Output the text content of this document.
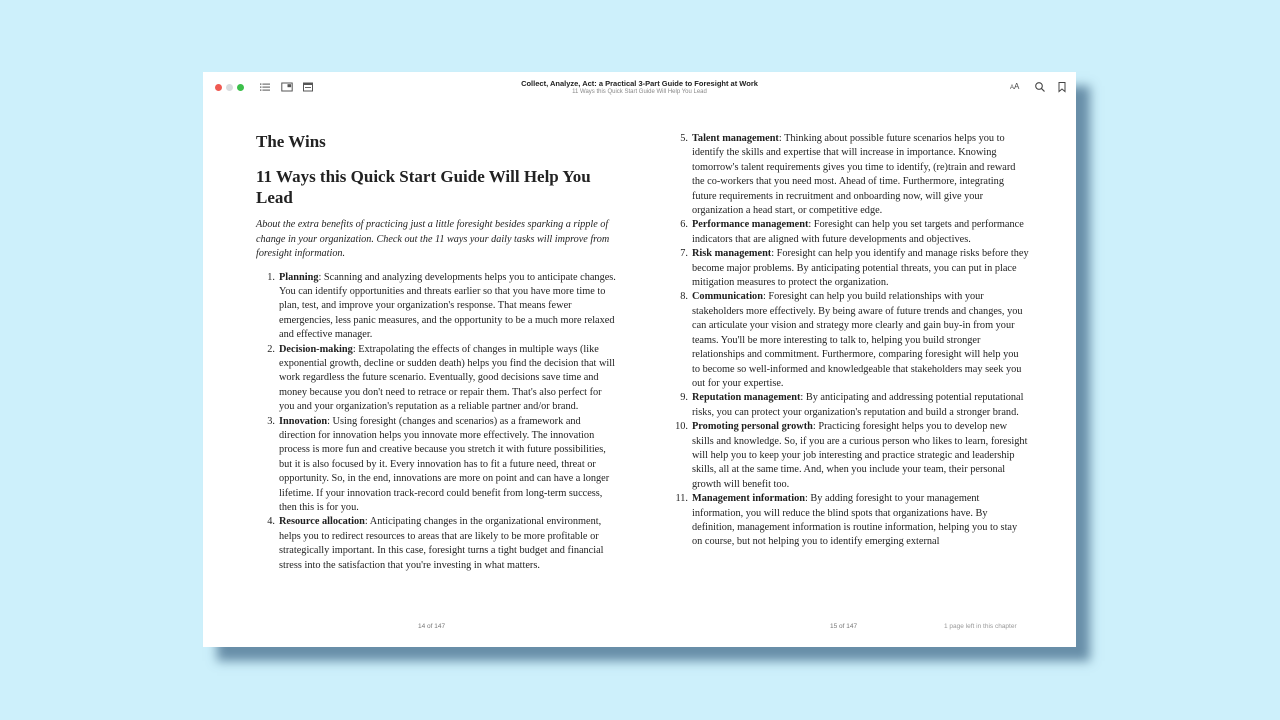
Collect, Analyze, Act: a Practical 3-Part Guide to Foresight at Work
11 Ways this Quick Start Guide Will Help You Lead
AA
The Wins
11 Ways this Quick Start Guide Will Help You Lead
About the extra benefits of practicing just a little foresight besides sparking a ripple of change in your organization. Check out the 11 ways your daily tasks will improve from foresight information.
1. Planning: Scanning and analyzing developments helps you to anticipate changes. You can identify opportunities and threats earlier so that you have more time to plan, test, and improve your organization's response. That means fewer emergencies, less panic measures, and the opportunity to be a much more relaxed and effective manager.
2. Decision-making: Extrapolating the effects of changes in multiple ways (like exponential growth, decline or sudden death) helps you find the decision that will work regardless the future scenario. Eventually, good decisions save time and money because you don't need to retrace or repair them. That's also perfect for you and your organization's reputation as a reliable partner and/or brand.
3. Innovation: Using foresight (changes and scenarios) as a framework and direction for innovation helps you innovate more effectively. The innovation process is more fun and creative because you stretch it with future possibilities, but it is also focused by it. Every innovation has to fit a future need, threat or opportunity. So, in the end, innovations are more on point and can have a longer lifetime. If your innovation track-record could benefit from long-term success, then this is for you.
4. Resource allocation: Anticipating changes in the organizational environment, helps you to redirect resources to areas that are likely to be more profitable or strategically important. In this case, foresight turns a tight budget and financial stress into the satisfaction that you're investing in what matters.
5. Talent management: Thinking about possible future scenarios helps you to identify the skills and expertise that will increase in importance. Knowing tomorrow's talent requirements gives you time to identify, (re)train and reward the co-workers that you need most. Ahead of time. Furthermore, integrating future requirements in recruitment and onboarding now, will give your organization a head start, or competitive edge.
6. Performance management: Foresight can help you set targets and performance indicators that are aligned with future developments and objectives.
7. Risk management: Foresight can help you identify and manage risks before they become major problems. By anticipating potential threats, you can put in place mitigation measures to protect the organization.
8. Communication: Foresight can help you build relationships with your stakeholders more effectively. By being aware of future trends and changes, you can articulate your vision and strategy more clearly and gain buy-in from your teams. You'll be more interesting to talk to, helping you build stronger relationships and commitment. Furthermore, comparing foresight will help you to become so well-informed and knowledgeable that stakeholders may seek you out for your expertise.
9. Reputation management: By anticipating and addressing potential reputational risks, you can protect your organization's reputation and build a stronger brand.
10. Promoting personal growth: Practicing foresight helps you to develop new skills and knowledge. So, if you are a curious person who likes to learn, foresight will help you to keep your job interesting and practice strategic and leadership skills, all at the same time. And, when you include your team, their personal growth will benefit too.
11. Management information: By adding foresight to your management information, you will reduce the blind spots that organizations have. By definition, management information is routine information, helping you to stay on course, but not helping you to identify emerging external
14 of 147	15 of 147	1 page left in this chapter
